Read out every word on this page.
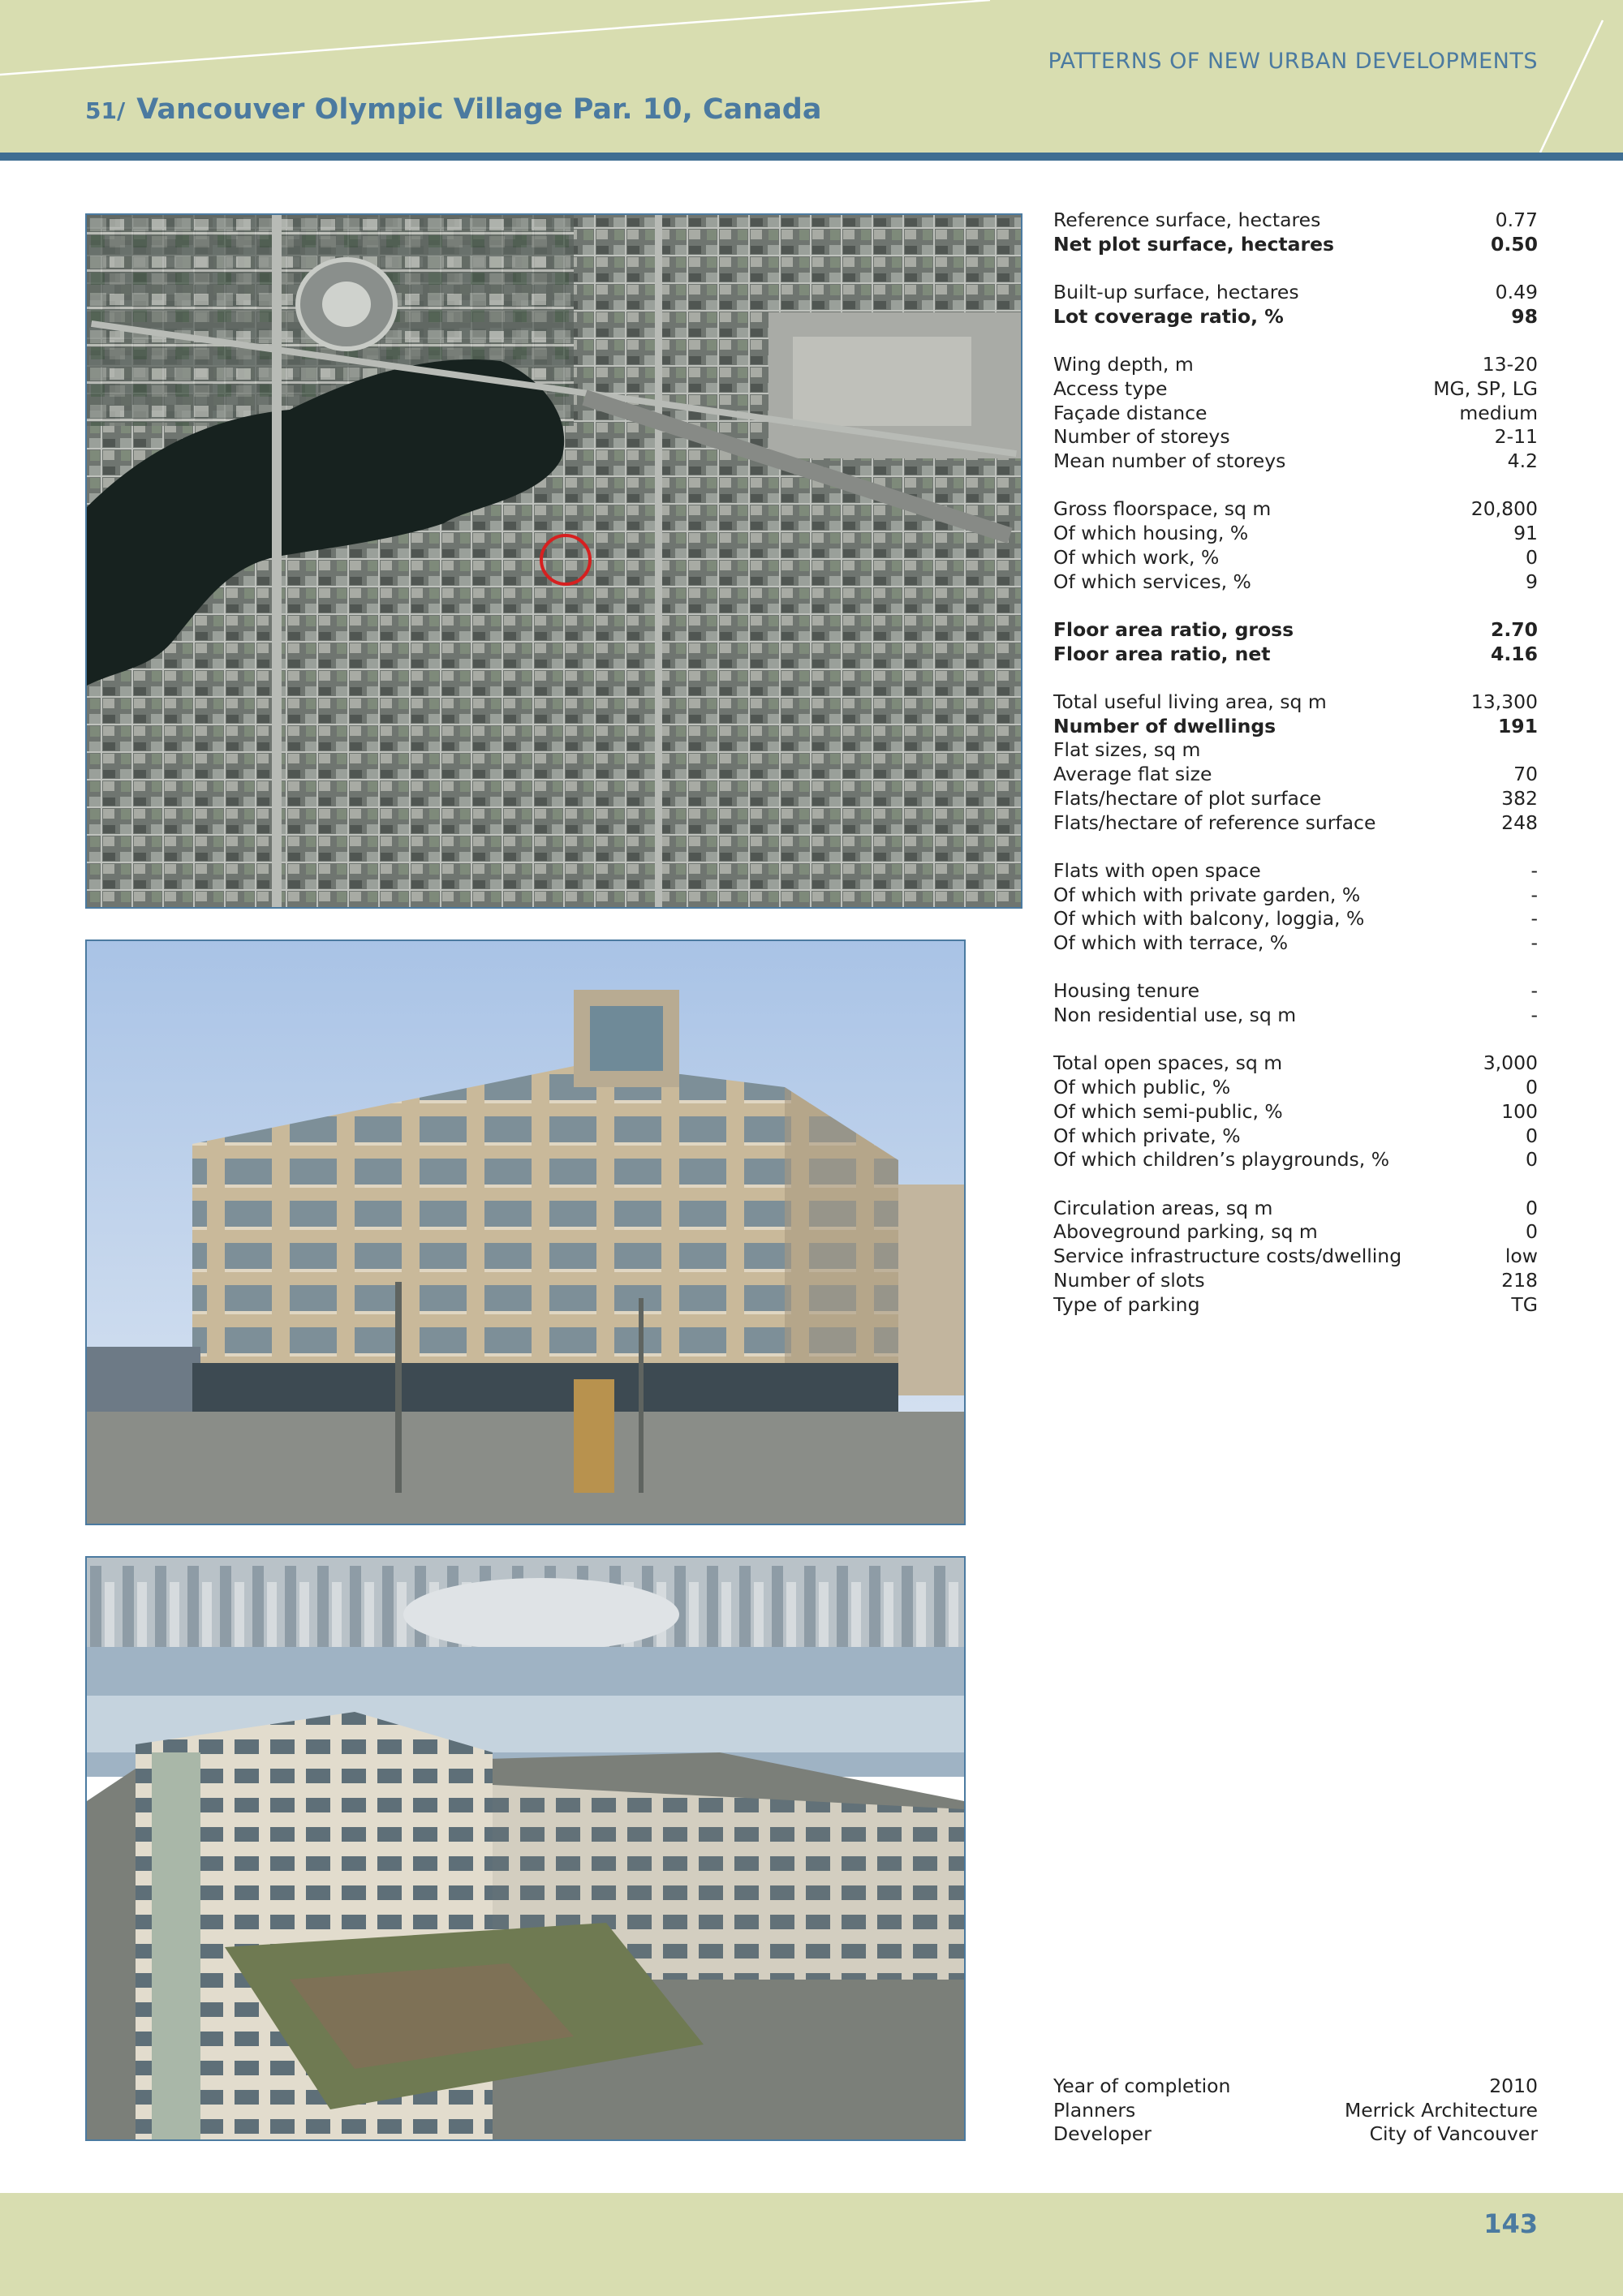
PATTERNS OF NEW URBAN DEVELOPMENTS
51/ Vancouver Olympic Village Par. 10, Canada
Reference surface, hectares	0.77
Net plot surface, hectares	0.50
Built-up surface, hectares	0.49
Lot coverage ratio, %	98
Wing depth, m	13-20
Access type	MG, SP, LG
Façade distance	medium
Number of storeys	2-11
Mean number of storeys	4.2
Gross floorspace, sq m	20,800
Of which housing, %	91
Of which work, %	0
Of which services, %	9
Floor area ratio, gross	2.70
Floor area ratio, net	4.16
Total useful living area, sq m	13,300
Number of dwellings	191
Flat sizes, sq m
Average flat size	70
Flats/hectare of plot surface	382
Flats/hectare of reference surface	248
Flats with open space	-
Of which with private garden, %	-
Of which with balcony, loggia, %	-
Of which with terrace, %	-
Housing tenure	-
Non residential use, sq m	-
Total open spaces, sq m	3,000
Of which public, %	0
Of which semi-public, %	100
Of which private, %	0
Of which children’s playgrounds, %	0
Circulation areas, sq m	0
Aboveground parking, sq m	0
Service infrastructure costs/dwelling	low
Number of slots	218
Type of parking	TG
Year of completion	2010
Planners	Merrick Architecture
Developer	City of Vancouver
143
